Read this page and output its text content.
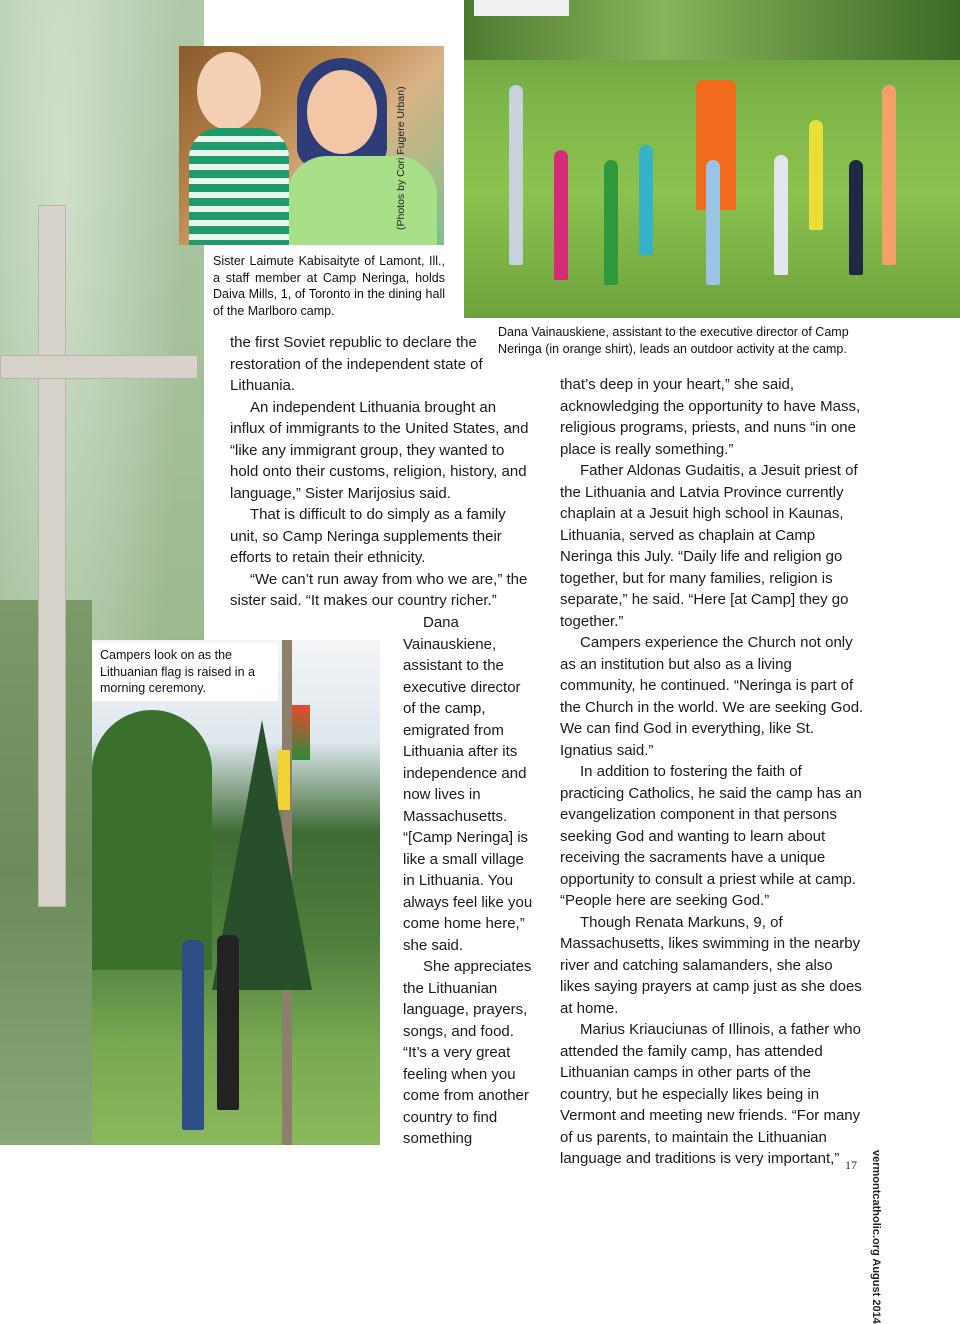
Sister Laimute Kabisaityte of Lamont, Ill., a staff member at Camp Neringa, holds Daiva Mills, 1, of Toronto in the dining hall of the Marlboro camp.
Dana Vainauskiene, assistant to the executive director of Camp Neringa (in orange shirt), leads an outdoor activity at the camp.
Campers look on as the Lithuanian flag is raised in a morning ceremony.
(Photos by Cori Fugere Urban)

the first Soviet republic to declare the restoration of the independent state of Lithuania.

An independent Lithuania brought an influx of immigrants to the United States, and “like any immigrant group, they wanted to hold onto their customs, religion, history, and language,” Sister Marijosius said.

That is difficult to do simply as a family unit, so Camp Neringa supplements their efforts to retain their ethnicity.

“We can’t run away from who we are,” the sister said. “It makes our country richer.”

Dana Vainauskiene, assistant to the executive director of the camp, emigrated from Lithuania after its independence and now lives in Massachusetts. “[Camp Neringa] is like a small village in Lithuania. You always feel like you come home here,” she said.

She appreciates the Lithuanian language, prayers, songs, and food. “It’s a very great feeling when you come from another country to find something

that’s deep in your heart,” she said, acknowledging the opportunity to have Mass, religious programs, priests, and nuns “in one place is really something.”

Father Aldonas Gudaitis, a Jesuit priest of the Lithuania and Latvia Province currently chaplain at a Jesuit high school in Kaunas, Lithuania, served as chaplain at Camp Neringa this July. “Daily life and religion go together, but for many families, religion is separate,” he said. “Here [at Camp] they go together.”

Campers experience the Church not only as an institution but also as a living community, he continued. “Neringa is part of the Church in the world. We are seeking God. We can find God in everything, like St. Ignatius said.”

In addition to fostering the faith of practicing Catholics, he said the camp has an evangelization component in that persons seeking God and wanting to learn about receiving the sacraments have a unique opportunity to consult a priest while at camp. “People here are seeking God.”

Though Renata Markuns, 9, of Massachusetts, likes swimming in the nearby river and catching salamanders, she also likes saying prayers at camp just as she does at home.

Marius Kriauciunas of Illinois, a father who attended the family camp, has attended Lithuanian camps in other parts of the country, but he especially likes being in Vermont and meeting new friends. “For many of us parents, to maintain the Lithuanian language and traditions is very important,”	vermontcatholic.org August 2014
17
